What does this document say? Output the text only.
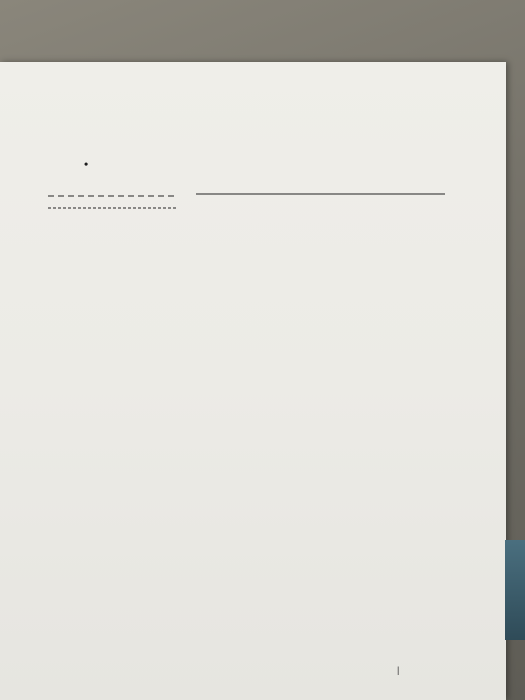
•
|
